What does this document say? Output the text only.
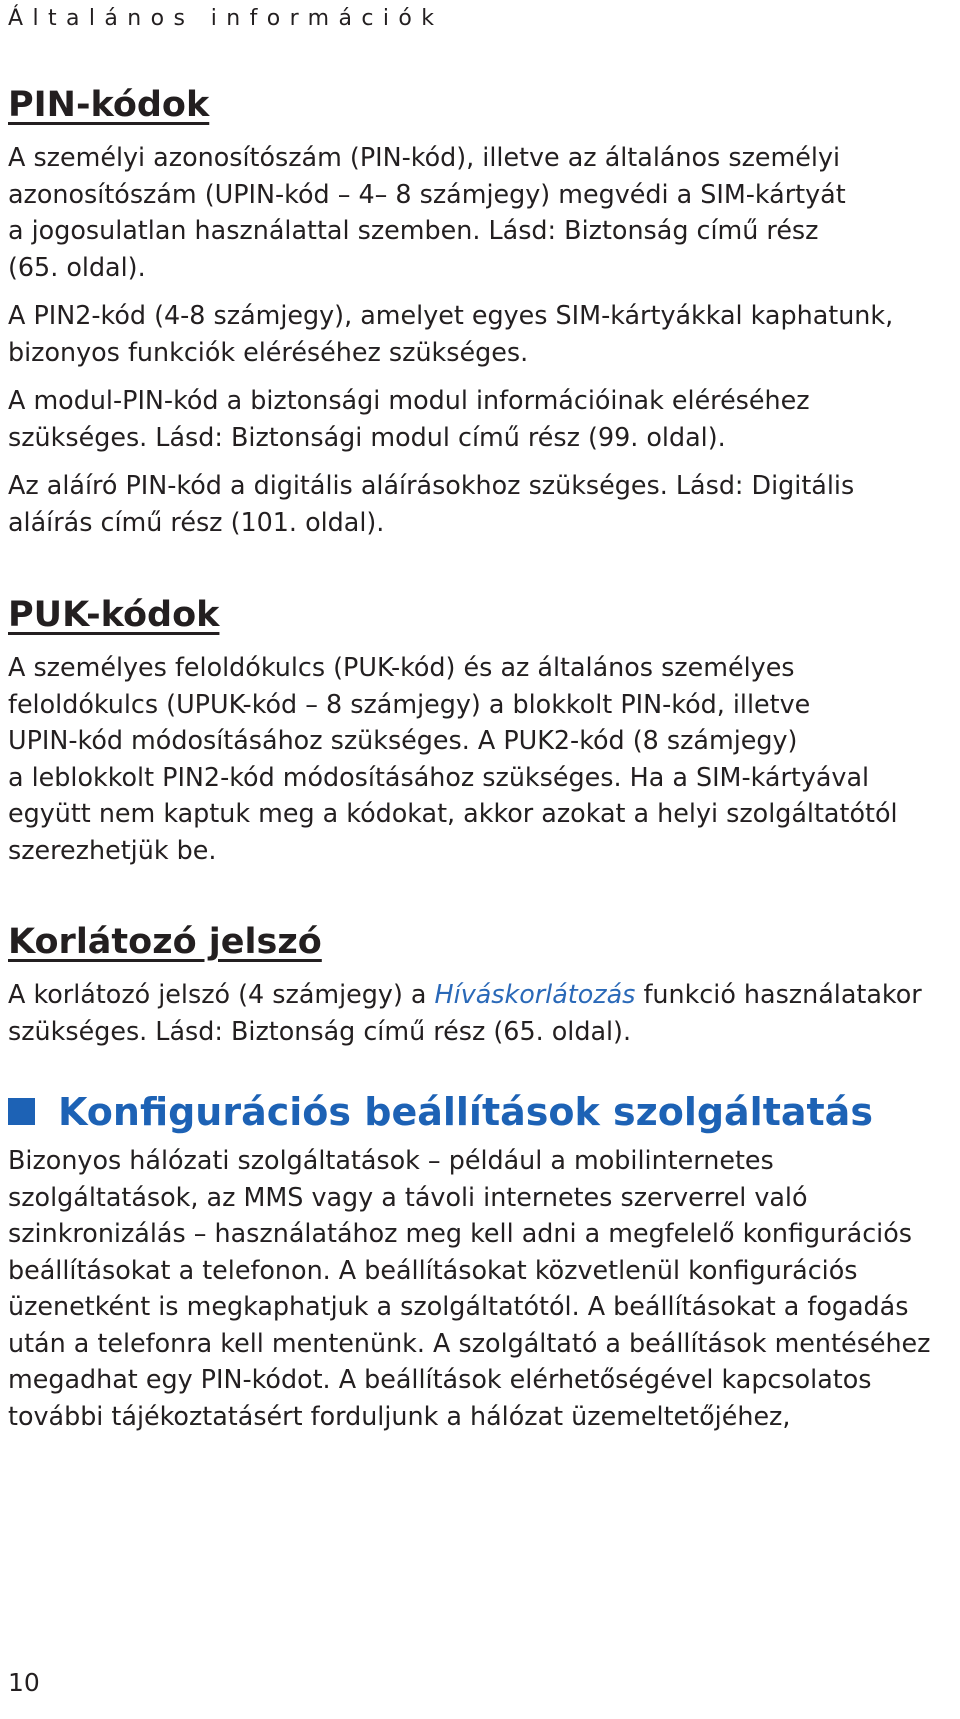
Általános információk
PIN-kódok

A személyi azonosítószám (PIN-kód), illetve az általános személyi
azonosítószám (UPIN-kód – 4– 8 számjegy) megvédi a SIM-kártyát
a jogosulatlan használattal szemben. Lásd: Biztonság című rész
(65. oldal).

A PIN2-kód (4-8 számjegy), amelyet egyes SIM-kártyákkal kaphatunk,
bizonyos funkciók eléréséhez szükséges.

A modul-PIN-kód a biztonsági modul információinak eléréséhez
szükséges. Lásd: Biztonsági modul című rész (99. oldal).

Az aláíró PIN-kód a digitális aláírásokhoz szükséges. Lásd: Digitális
aláírás című rész (101. oldal).

PUK-kódok

A személyes feloldókulcs (PUK-kód) és az általános személyes
feloldókulcs (UPUK-kód – 8 számjegy) a blokkolt PIN-kód, illetve
UPIN-kód módosításához szükséges. A PUK2-kód (8 számjegy)
a leblokkolt PIN2-kód módosításához szükséges. Ha a SIM-kártyával
együtt nem kaptuk meg a kódokat, akkor azokat a helyi szolgáltatótól
szerezhetjük be.

Korlátozó jelszó

A korlátozó jelszó (4 számjegy) a Híváskorlátozás funkció használatakor
szükséges. Lásd: Biztonság című rész (65. oldal).

Konfigurációs beállítások szolgáltatás

Bizonyos hálózati szolgáltatások – például a mobilinternetes
szolgáltatások, az MMS vagy a távoli internetes szerverrel való
szinkronizálás – használatához meg kell adni a megfelelő konfigurációs
beállításokat a telefonon. A beállításokat közvetlenül konfigurációs
üzenetként is megkaphatjuk a szolgáltatótól. A beállításokat a fogadás
után a telefonra kell mentenünk. A szolgáltató a beállítások mentéséhez
megadhat egy PIN-kódot. A beállítások elérhetőségével kapcsolatos
további tájékoztatásért forduljunk a hálózat üzemeltetőjéhez,

10
